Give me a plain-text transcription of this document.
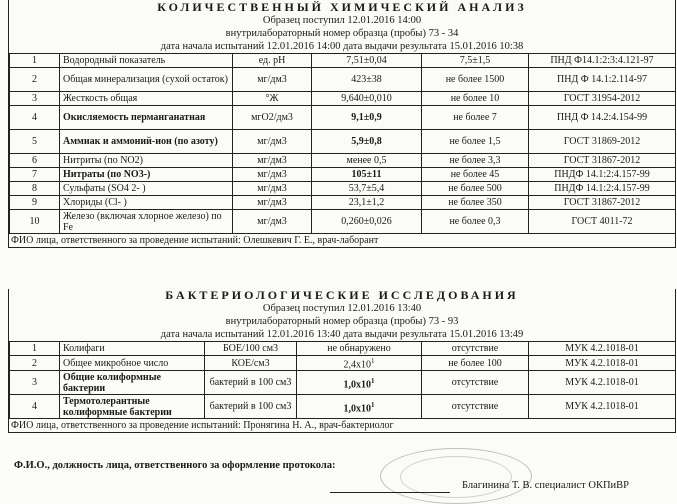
КОЛИЧЕСТВЕННЫЙ ХИМИЧЕСКИЙ АНАЛИЗ
Образец поступил 12.01.2016 14:00
внутрилабораторный номер образца (пробы) 73 - 34
дата начала испытаний 12.01.2016 14:00 дата выдачи результата 15.01.2016 10:38
1	Водородный показатель	ед. pH	7,51±0,04	7,5±1,5	ПНД Ф14.1:2:3:4.121-97
2	Общая минерализация (сухой остаток)	мг/дм3	423±38	не более 1500	ПНД Ф 14.1:2.114-97
3	Жесткость общая	°Ж	9,640±0,010	не более 10	ГОСТ 31954-2012
4	Окисляемость перманганатная	мгО2/дм3	9,1±0,9	не более 7	ПНД Ф 14.2:4.154-99
5	Аммиак и аммоний-ион (по азоту)	мг/дм3	5,9±0,8	не более 1,5	ГОСТ 31869-2012
6	Нитриты (по NO2)	мг/дм3	менее 0,5	не более 3,3	ГОСТ 31867-2012
7	Нитраты (по NO3-)	мг/дм3	105±11	не более 45	ПНДФ 14.1:2:4.157-99
8	Сульфаты (SO4 2- )	мг/дм3	53,7±5,4	не более 500	ПНДФ 14.1:2:4.157-99
9	Хлориды (Cl- )	мг/дм3	23,1±1,2	не более 350	ГОСТ 31867-2012
10	Железо (включая хлорное железо) по Fe	мг/дм3	0,260±0,026	не более 0,3	ГОСТ 4011-72
ФИО лица, ответственного за проведение испытаний: Олешкевич Г. Е., врач-лаборант
БАКТЕРИОЛОГИЧЕСКИЕ ИССЛЕДОВАНИЯ
Образец поступил 12.01.2016 13:40
внутрилабораторный номер образца (пробы) 73 - 93
дата начала испытаний 12.01.2016 13:40 дата выдачи результата 15.01.2016 13:49
1	Колифаги	БОЕ/100 см3	не обнаружено	отсутствие	МУК 4.2.1018-01
2	Общее микробное число	КОЕ/см3	$2,4x10^1$	не более 100	МУК 4.2.1018-01
3	Общие колиформные бактерии	бактерий в 100 см3	$1,0x10^1$	отсутствие	МУК 4.2.1018-01
4	Термотолерантные колиформные бактерии	бактерий в 100 см3	$1,0x10^1$	отсутствие	МУК 4.2.1018-01
ФИО лица, ответственного за проведение испытаний: Пронягина Н. А., врач-бактериолог
Ф.И.О., должность лица, ответственного за оформление протокола:
Благинина Т. В. специалист ОКПиВР
